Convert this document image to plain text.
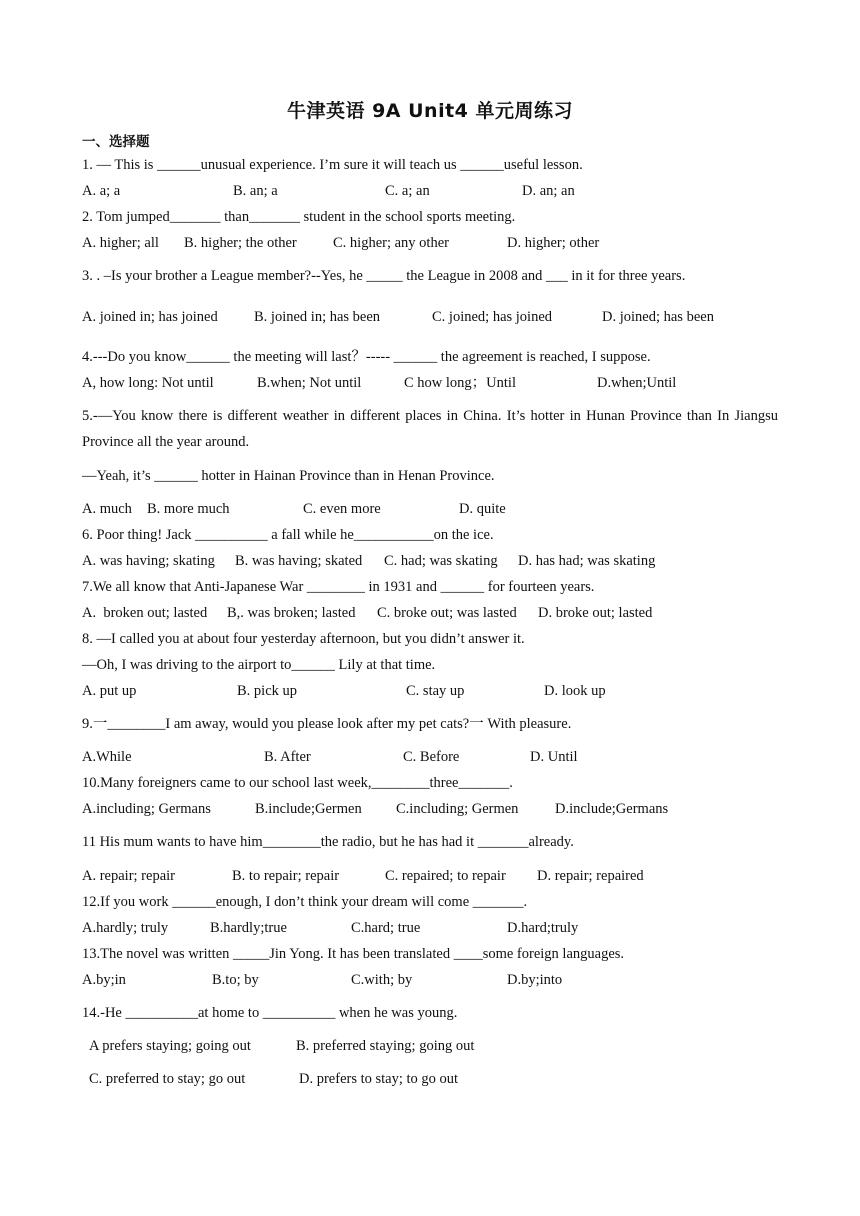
牛津英语 9A Unit4 单元周练习
一、选择题
1. — This is ______unusual experience. I’m sure it will teach us ______useful lesson.
A. a; a	B. an; a	C. a; an	D. an; an
2. Tom jumped_______ than_______ student in the school sports meeting.
A. higher; all B. higher; the other C. higher; any other	D. higher; other
3. . –Is your brother a League member?--Yes, he _____ the League in 2008 and ___ in it for three years.
A. joined in; has joined	B. joined in; has been	C. joined; has joined	D. joined; has been
4.---Do you know______ the meeting will last？----- ______ the agreement is reached, I suppose.
A, how long: Not until	B.when; Not until	C how long；Until	D.when;Until
5.-—You know there is different weather in different places in China. It’s hotter in Hunan Province than In Jiangsu Province all the year around.
—Yeah, it’s ______ hotter in Hainan Province than in Henan Province.
A. much B. more much	C. even more	D. quite
6. Poor thing! Jack __________ a fall while he___________on the ice.
A. was having; skating B. was having; skated C. had; was skating D. has had; was skating
7.We all know that Anti-Japanese War ________ in 1931 and ______ for fourteen years.
A.  broken out; lasted B,. was broken; lasted C. broke out; was lasted D. broke out; lasted
8. —I called you at about four yesterday afternoon, but you didn’t answer it.
—Oh, I was driving to the airport to______ Lily at that time.
A. put up	B. pick up	C. stay up	D. look up
9.一________I am away, would you please look after my pet cats?一 With pleasure.
A.While	B. After	C. Before	D. Until
10.Many foreigners came to our school last week,________three_______.
A.including; Germans	B.include;Germen C.including; Germen	D.include;Germans
11 His mum wants to have him________the radio, but he has had it _______already.
A. repair; repair	B. to repair; repair	C. repaired; to repair D. repair; repaired
12.If you work ______enough, I don’t think your dream will come _______.
A.hardly; truly	B.hardly;true	C.hard; true	D.hard;truly
13.The novel was written _____Jin Yong. It has been translated ____some foreign languages.
A.by;in	B.to; by	C.with; by	D.by;into
14.-He __________at home to __________ when he was young.
A prefers staying; going out	B. preferred staying; going out
C. preferred to stay; go out	D. prefers to stay; to go out
